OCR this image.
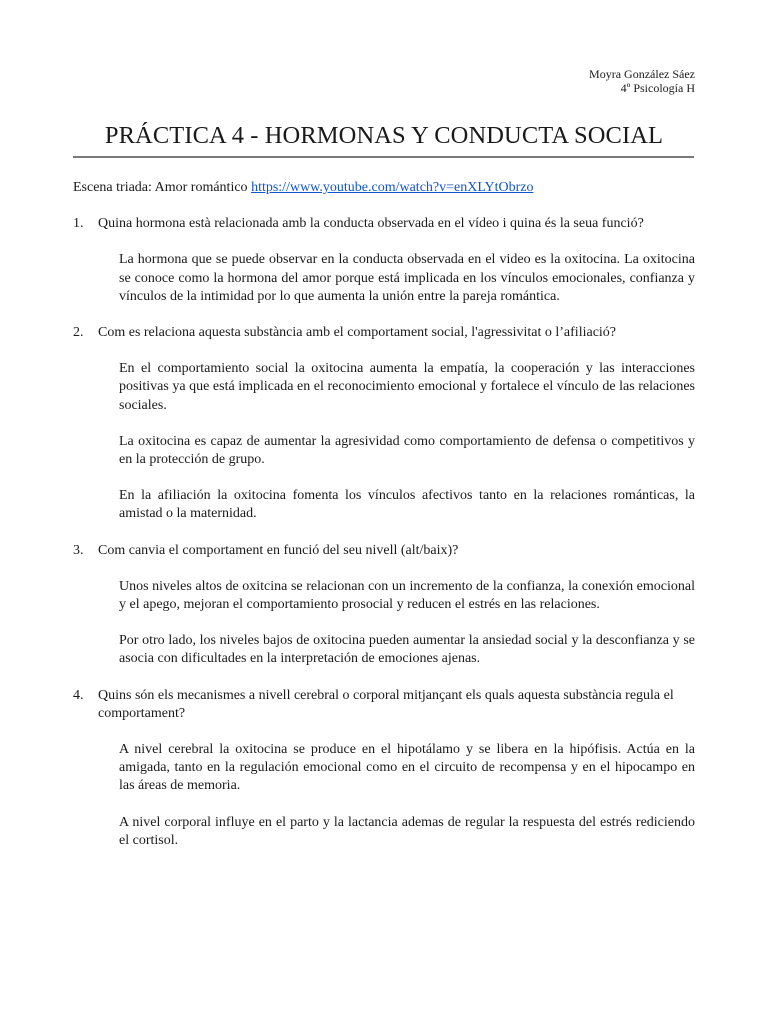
Moyra González Sáez
4º Psicología H
PRÁCTICA 4 - HORMONAS Y CONDUCTA SOCIAL

Escena triada: Amor romántico https://www.youtube.com/watch?v=enXLYtObrzo

1. Quina hormona està relacionada amb la conducta observada en el vídeo i quina és la seua funció?

La hormona que se puede observar en la conducta observada en el video es la oxitocina. La oxitocina se conoce como la hormona del amor porque está implicada en los vínculos emocionales, confianza y vínculos de la intimidad por lo que aumenta la unión entre la pareja romántica.

2. Com es relaciona aquesta substància amb el comportament social, l'agressivitat o l’afiliació?

En el comportamiento social la oxitocina aumenta la empatía, la cooperación y las interacciones positivas ya que está implicada en el reconocimiento emocional y fortalece el vínculo de las relaciones sociales.

La oxitocina es capaz de aumentar la agresividad como comportamiento de defensa o competitivos y en la protección de grupo.

En la afiliación la oxitocina fomenta los vínculos afectivos tanto en la relaciones románticas, la amistad o la maternidad.

3. Com canvia el comportament en funció del seu nivell (alt/baix)?

Unos niveles altos de oxitcina se relacionan con un incremento de la confianza, la conexión emocional y el apego, mejoran el comportamiento prosocial y reducen el estrés en las relaciones.

Por otro lado, los niveles bajos de oxitocina pueden aumentar la ansiedad social y la desconfianza y se asocia con dificultades en la interpretación de emociones ajenas.

4. Quins són els mecanismes a nivell cerebral o corporal mitjançant els quals aquesta substància regula el comportament?

A nivel cerebral la oxitocina se produce en el hipotálamo y se libera en la hipófisis. Actúa en la amigada, tanto en la regulación emocional como en el circuito de recompensa y en el hipocampo en las áreas de memoria.

A nivel corporal influye en el parto y la lactancia ademas de regular la respuesta del estrés rediciendo el cortisol.
